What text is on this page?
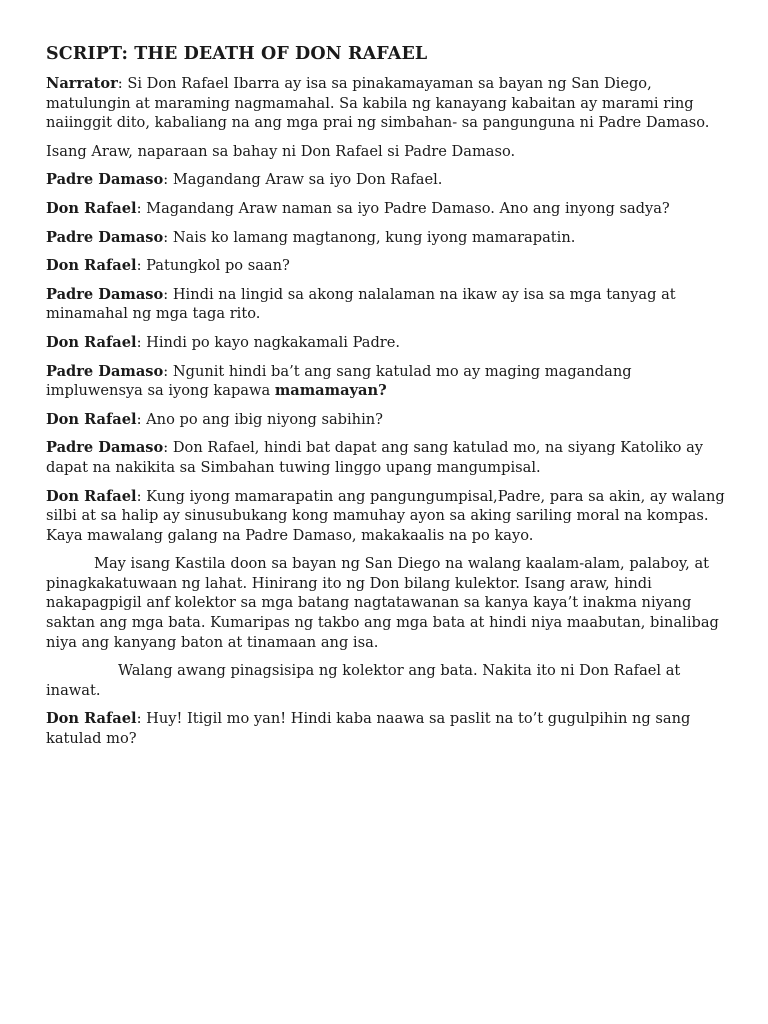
SCRIPT: THE DEATH OF DON RAFAEL

Narrator: Si Don Rafael Ibarra ay isa sa pinakamayaman sa bayan ng San Diego, matulungin at maraming nagmamahal. Sa kabila ng kanayang kabaitan ay marami ring naiinggit dito, kabaliang na ang mga prai ng simbahan- sa pangunguna ni Padre Damaso.

Isang Araw, naparaan sa bahay ni Don Rafael si Padre Damaso.

Padre Damaso: Magandang Araw sa iyo Don Rafael.

Don Rafael: Magandang Araw naman sa iyo Padre Damaso. Ano ang inyong sadya?

Padre Damaso: Nais ko lamang magtanong, kung iyong mamarapatin.

Don Rafael: Patungkol po saan?

Padre Damaso: Hindi na lingid sa akong nalalaman na ikaw ay isa sa mga tanyag at minamahal ng mga taga rito.

Don Rafael: Hindi po kayo nagkakamali Padre.

Padre Damaso: Ngunit hindi ba’t ang sang katulad mo ay maging magandang impluwensya sa iyong kapawa mamamayan?

Don Rafael: Ano po ang ibig niyong sabihin?

Padre Damaso: Don Rafael, hindi bat dapat ang sang katulad mo, na siyang Katoliko ay dapat na nakikita sa Simbahan tuwing linggo upang mangumpisal.

Don Rafael: Kung iyong mamarapatin ang pangungumpisal,Padre, para sa akin, ay walang silbi at sa halip ay sinusubukang kong mamuhay ayon sa aking sariling moral na kompas. Kaya mawalang galang na Padre Damaso, makakaalis na po kayo.

May isang Kastila doon sa bayan ng San Diego na walang kaalam-alam, palaboy, at pinagkakatuwaan ng lahat. Hinirang ito ng Don bilang kulektor. Isang araw, hindi nakapagpigil anf kolektor sa mga batang nagtatawanan sa kanya kaya’t inakma niyang saktan ang mga bata. Kumaripas ng takbo ang mga bata at hindi niya maabutan, binalibag niya ang kanyang baton at tinamaan ang isa.

Walang awang pinagsisipa ng kolektor ang bata. Nakita ito ni Don Rafael at inawat.

Don Rafael: Huy! Itigil mo yan! Hindi kaba naawa sa paslit na to’t gugulpihin ng sang katulad mo?
